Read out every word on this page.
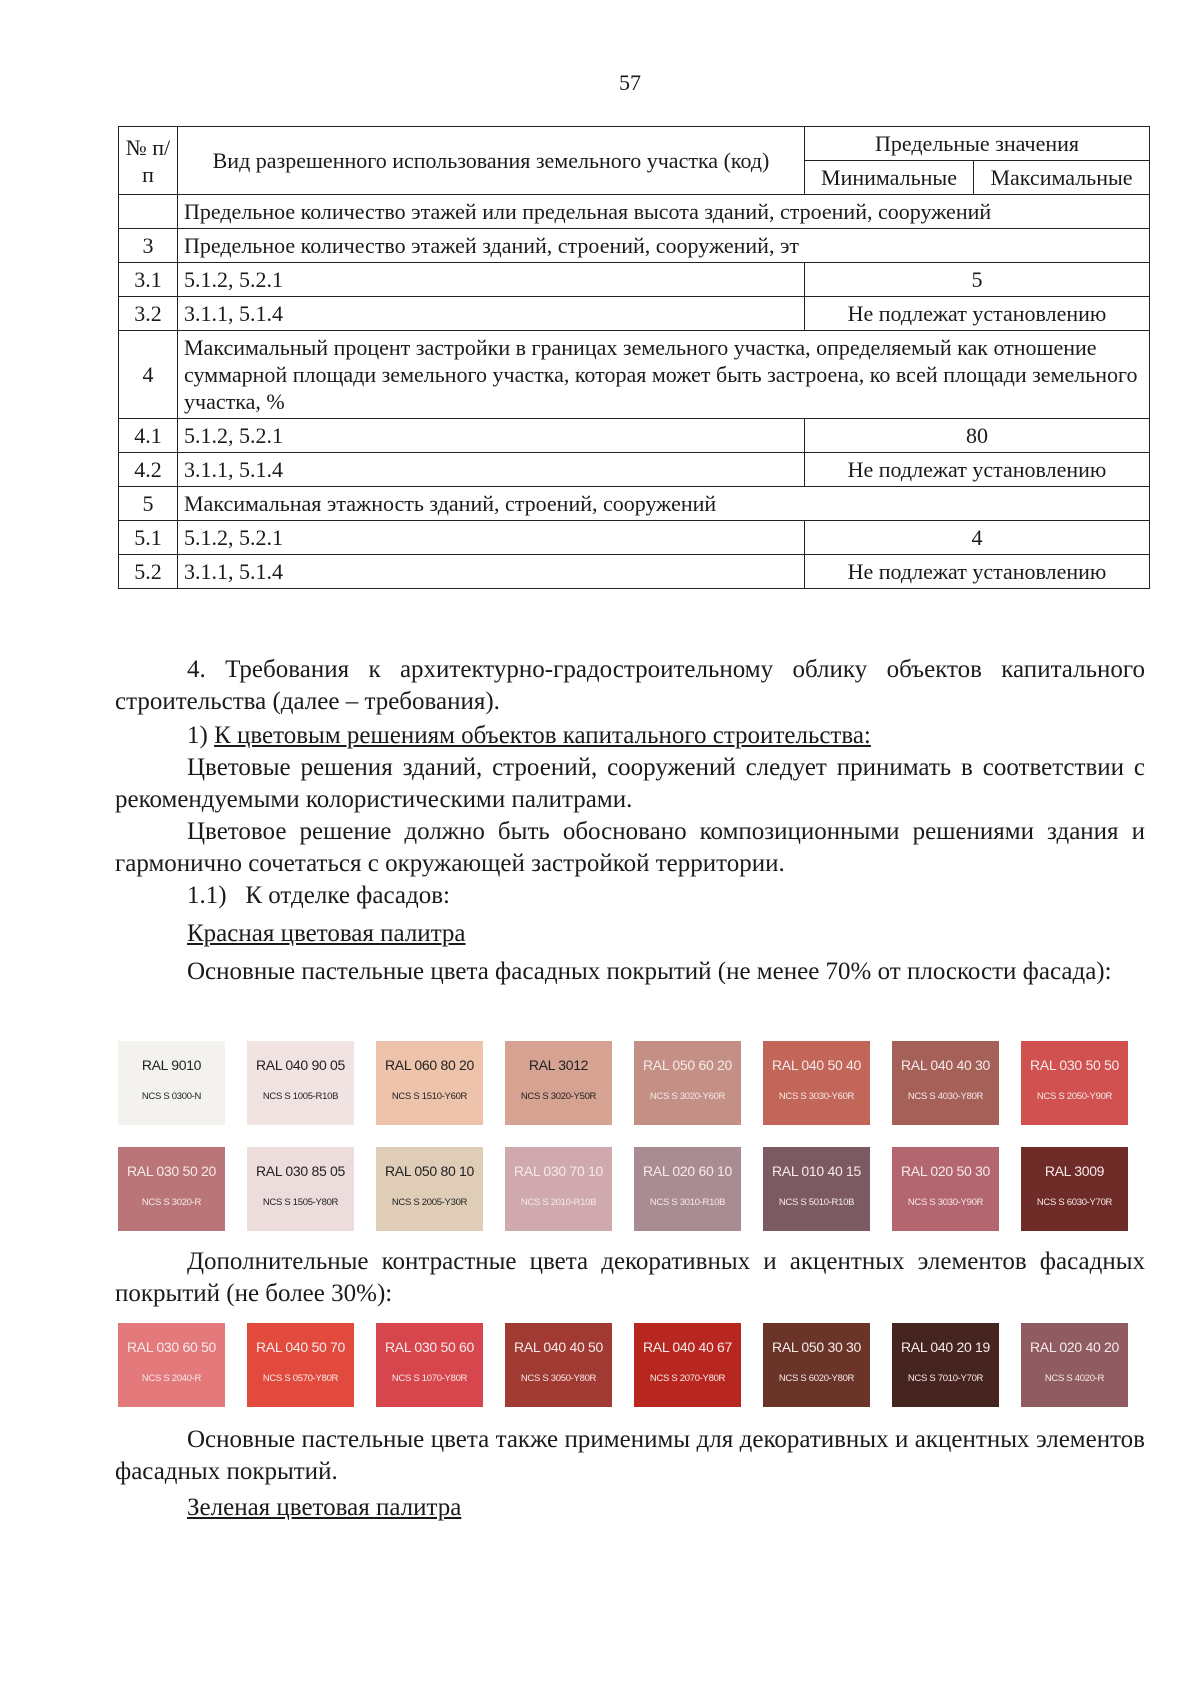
57
№ п/п	Вид разрешенного использования земельного участка (код)	Предельные значения	
		Минимальные	Максимальные
	Предельное количество этажей или предельная высота зданий, строений, сооружений		
3	Предельное количество этажей зданий, строений, сооружений, эт		
3.1	5.1.2, 5.2.1	5	
3.2	3.1.1, 5.1.4	Не подлежат установлению	
4	Максимальный процент застройки в границах земельного участка, определяемый как отношение суммарной площади земельного участка, которая может быть застроена, ко всей площади земельного участка, %		
4.1	5.1.2, 5.2.1	80	
4.2	3.1.1, 5.1.4	Не подлежат установлению	
5	Максимальная этажность зданий, строений, сооружений		
5.1	5.1.2, 5.2.1	4	
5.2	3.1.1, 5.1.4	Не подлежат установлению	
4. Требования к архитектурно-градостроительному облику объектов капитального строительства (далее – требования).
1) К цветовым решениям объектов капитального строительства:
Цветовые решения зданий, строений, сооружений следует принимать в соответствии с рекомендуемыми колористическими палитрами.
Цветовое решение должно быть обосновано композиционными решениями здания и гармонично сочетаться с окружающей застройкой территории.
1.1)   К отделке фасадов:
Красная цветовая палитра
Основные пастельные цвета фасадных покрытий (не менее 70% от плоскости фасада):
RAL 9010
NCS S 0300-N
RAL 040 90 05
NCS S 1005-R10B
RAL 060 80 20
NCS S 1510-Y60R
RAL 3012
NCS S 3020-Y50R
RAL 050 60 20
NCS S 3020-Y60R
RAL 040 50 40
NCS S 3030-Y60R
RAL 040 40 30
NCS S 4030-Y80R
RAL 030 50 50
NCS S 2050-Y90R
RAL 030 50 20
NCS S 3020-R
RAL 030 85 05
NCS S 1505-Y80R
RAL 050 80 10
NCS S 2005-Y30R
RAL 030 70 10
NCS S 2010-R10B
RAL 020 60 10
NCS S 3010-R10B
RAL 010 40 15
NCS S 5010-R10B
RAL 020 50 30
NCS S 3030-Y90R
RAL 3009
NCS S 6030-Y70R
Дополнительные контрастные цвета декоративных и акцентных элементов фасадных покрытий (не более 30%):
RAL 030 60 50
NCS S 2040-R
RAL 040 50 70
NCS S 0570-Y80R
RAL 030 50 60
NCS S 1070-Y80R
RAL 040 40 50
NCS S 3050-Y80R
RAL 040 40 67
NCS S 2070-Y80R
RAL 050 30 30
NCS S 6020-Y80R
RAL 040 20 19
NCS S 7010-Y70R
RAL 020 40 20
NCS S 4020-R
Основные пастельные цвета также применимы для декоративных и акцентных элементов фасадных покрытий.
Зеленая цветовая палитра
